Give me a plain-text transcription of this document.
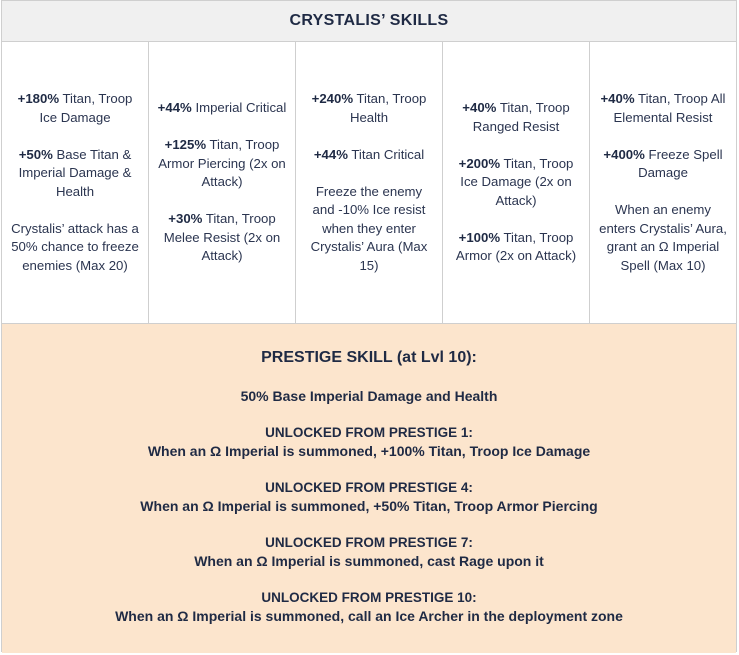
CRYSTALIS’ SKILLS

+180% Titan, Troop Ice Damage

+50% Base Titan & Imperial Damage & Health

Crystalis’ attack has a 50% chance to freeze enemies (Max 20)

+44% Imperial Critical

+125% Titan, Troop Armor Piercing (2x on Attack)

+30% Titan, Troop Melee Resist (2x on Attack)

+240% Titan, Troop Health

+44% Titan Critical

Freeze the enemy and -10% Ice resist when they enter Crystalis’ Aura (Max 15)

+40% Titan, Troop Ranged Resist

+200% Titan, Troop Ice Damage (2x on Attack)

+100% Titan, Troop Armor (2x on Attack)

+40% Titan, Troop All Elemental Resist

+400% Freeze Spell Damage

When an enemy enters Crystalis’ Aura, grant an Ω Imperial Spell (Max 10)

PRESTIGE SKILL (at Lvl 10):
50% Base Imperial Damage and Health
UNLOCKED FROM PRESTIGE 1:
When an Ω Imperial is summoned, +100% Titan, Troop Ice Damage
UNLOCKED FROM PRESTIGE 4:
When an Ω Imperial is summoned, +50% Titan, Troop Armor Piercing
UNLOCKED FROM PRESTIGE 7:
When an Ω Imperial is summoned, cast Rage upon it
UNLOCKED FROM PRESTIGE 10:
When an Ω Imperial is summoned, call an Ice Archer in the deployment zone
